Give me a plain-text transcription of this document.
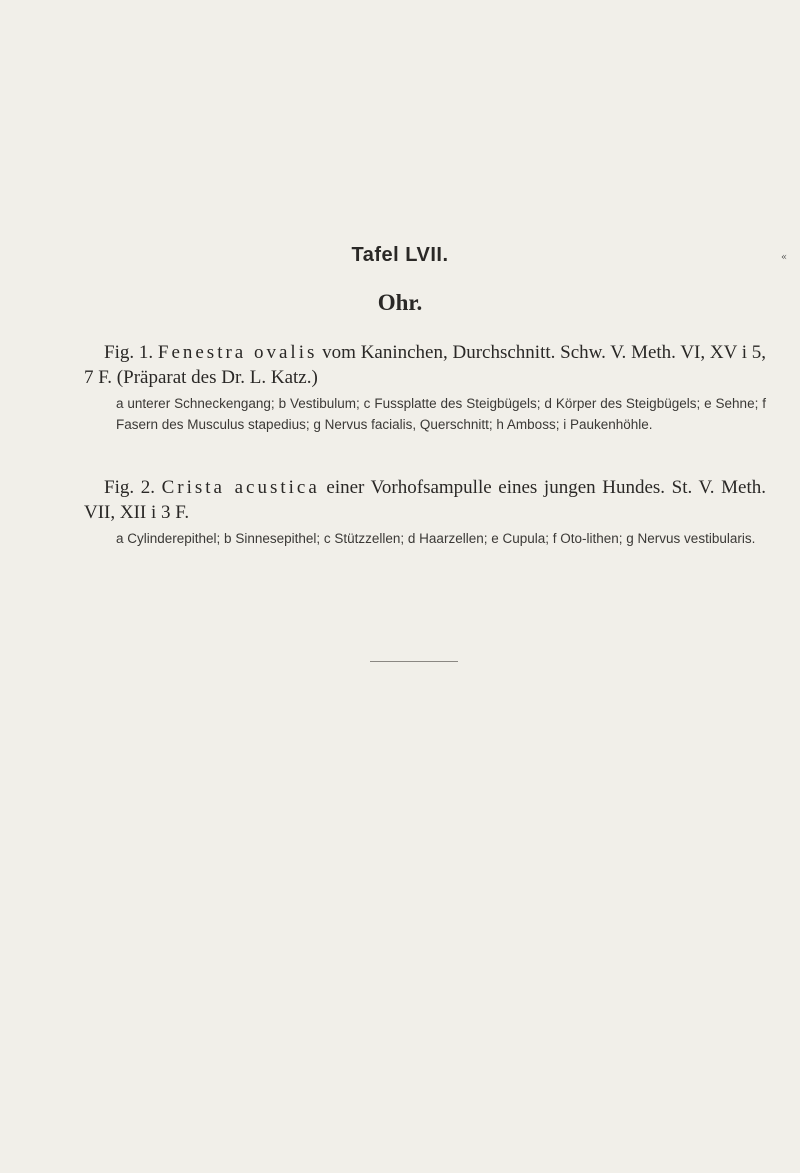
Tafel LVII.	«
Ohr.
Fig. 1. Fenestra ovalis vom Kaninchen, Durchschnitt. Schw. V. Meth. VI, XV i 5, 7 F. (Präparat des Dr. L. Katz.)
a unterer Schneckengang; b Vestibulum; c Fussplatte des Steigbügels; d Körper des Steigbügels; e Sehne; f Fasern des Musculus stapedius; g Nervus facialis, Querschnitt; h Amboss; i Paukenhöhle.
Fig. 2. Crista acustica einer Vorhofsampulle eines jungen Hundes. St. V. Meth. VII, XII i 3 F.
a Cylinderepithel; b Sinnesepithel; c Stützzellen; d Haarzellen; e Cupula; f Oto-lithen; g Nervus vestibularis.
